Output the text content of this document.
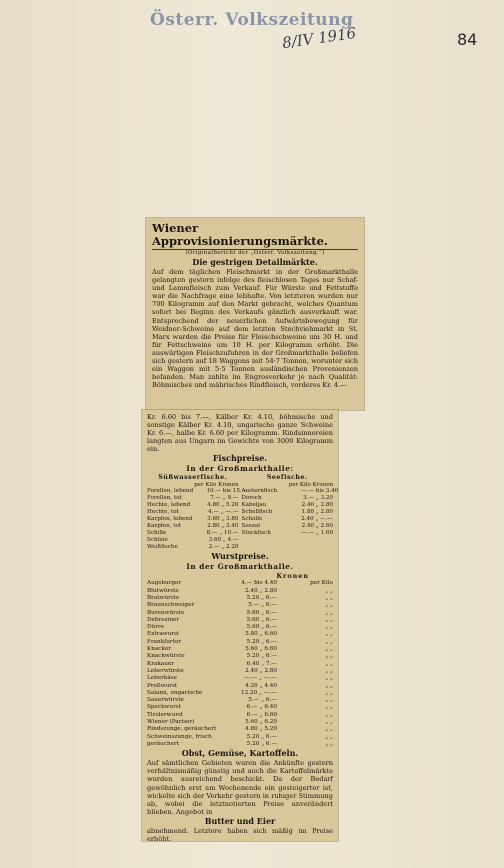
Österr. Volkszeitung
8/IV 1916	84
Wiener Approvisionierungsmärkte.
(Originalbericht der „Österr. Volkszeitung.“)
Die gestrigen Detailmärkte.
Auf dem täglichen Fleischmarkt in der Großmarkthalle gelangten gestern infolge des fleischlosen Tages nur Schaf- und Lammfleisch zum Verkauf. Für Würste und Fettstoffe war die Nachfrage eine lebhafte. Von letzteren wurden nur 700 Kilogramm auf den Markt gebracht, welches Quantum sofort bei Beginn des Verkaufs gänzlich ausverkauft war. Entsprechend der neuerlichen Aufwärtsbewegung für Weidner-Schweine auf dem letzten Stechviehmarkt in St. Marx wurden die Preise für Fleischschweine um 30 H. und für Fettschweine um 10 H. per Kilogramm erhöht. Die auswärtigen Fleischzufuhren in der Großmarkthalle beliefen sich gestern auf 18 Waggons mit 54·7 Tonnen, worunter sich ein Waggon mit 5·5 Tonnen ausländischen Provenienzen befanden. Man zahlte im Engrosverkehr je nach Qualität: Böhmisches und mährisches Rindfleisch, vorderes Kr. 4.—
Kr. 6.60 bis 7.—, Kälber Kr. 4.10, böhmische und sonstige Kälber Kr. 4.10, ungarische ganze Schweine Kr. 6.—, halbe Kr. 6.60 per Kilogramm. Rindsinnereien langten aus Ungarn im Gewichte von 3000 Kilogramm ein.
Fischpreise.
In der Großmarkthalle:
Süßwasserfische.
per Kilo Kronen
Forellen, lebend	10.— bis 15.—
Forellen, tot	7.— „ 9.—
Hechte, lebend	4.80 „ 5.20
Hechte, tot	4.— „ —.—
Karpfen, lebend	3.60 „ 3.80
Karpfen, tot	2.80 „ 3.40
Schille	8.— „ 10.—
Schleie	3.60 „ 4.—
Weißfische	2.— „ 2.20
Seefische.
per Kilo Kronen
Austernfisch	—.— bis 3.40
Dorsch	3.— „ 3.20
Kabeljau	2.40 „ 2.80
Schellfisch	1.80 „ 2.80
Scholle	2.40 „ —.—
Seezal	2.40 „ 2.60
Stockfisch	—.— „ 1.60
Wurstpreise.
In der Großmarkthalle.
Kronen
Augsburger	4.— bis 4.40	per Kilo
Blutwürste	2.40 „ 2.80	„ „
Bratwürste	5.20 „ 6.—	„ „
Braunschweiger	5.— „ 6.—	„ „
Burenwürste	5.60 „ 6.—	„ „
Debreziner	5.60 „ 6.—	„ „
Dürre	5.60 „ 6.—	„ „
Extrawurst	5.80 „ 6.60	„ „
Frankfurter	5.20 „ 6.—	„ „
Knacker	5.60 „ 6.60	„ „
Knackwürste	5.20 „ 6.—	„ „
Krakauer	6.40 „ 7.—	„ „
Leberwürste	2.40 „ 2.80	„ „
Leberkäse	—.— „ —.—	„ „
Preßwurst	4.20 „ 4.40	„ „
Salami, ungarische	12.20 „ —.—	„ „
Sauerwürste	5.— „ 6.—	„ „
Speckwurst	6.— „ 6.40	„ „
Tirolerwurst	6.— „ 6.60	„ „
Wiener (Pariser)	5.60 „ 6.20	„ „
Rindszunge, geräuchert	4.80 „ 5.20	„ „
Schweinszunge, frisch	5.20 „ 6.—	„ „
geräuchert	5.20 „ 6.—	„ „
Obst, Gemüse, Kartoffeln.
Auf sämtlichen Gebieten waren die Ankünfte gestern verhältnismäßig günstig und auch die Kartoffelmärkte wurden ausreichend beschickt. Da der Bedarf gewöhnlich erst am Wochenende ein gesteigerter ist, wickelte sich der Verkehr gestern in ruhiger Stimmung ab, wobei die letztnotierten Preise unverändert blieben. Angebot in
Butter und Eier
abnehmend. Letztere haben sich mäßig im Preise erhöht.
